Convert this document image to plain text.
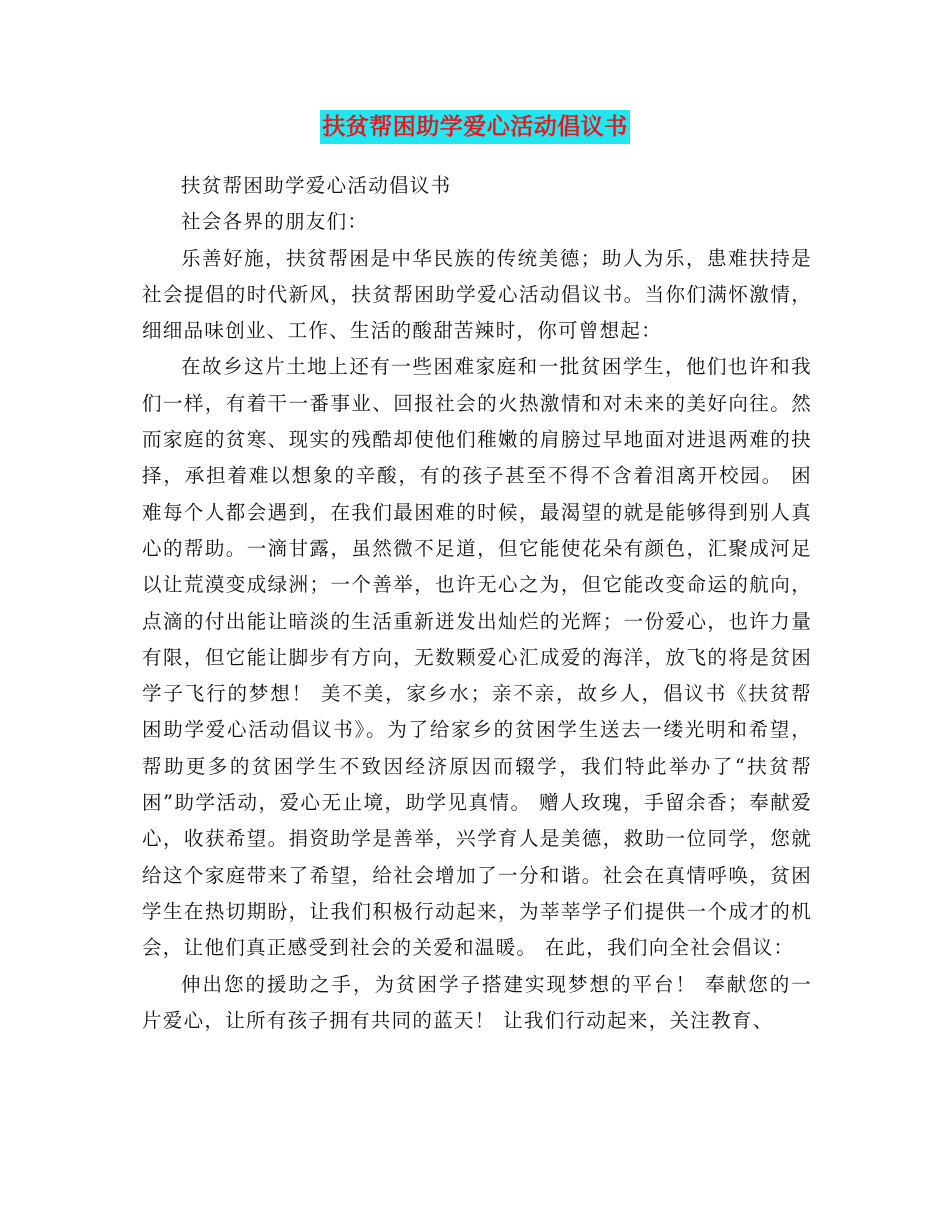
扶贫帮困助学爱心活动倡议书

扶贫帮困助学爱心活动倡议书

社会各界的朋友们：

乐善好施，扶贫帮困是中华民族的传统美德；助人为乐，患难扶持是社会提倡的时代新风，扶贫帮困助学爱心活动倡议书。当你们满怀激情，细细品味创业、工作、生活的酸甜苦辣时，你可曾想起：

在故乡这片土地上还有一些困难家庭和一批贫困学生，他们也许和我们一样，有着干一番事业、回报社会的火热激情和对未来的美好向往。然而家庭的贫寒、现实的残酷却使他们稚嫩的肩膀过早地面对进退两难的抉择，承担着难以想象的辛酸，有的孩子甚至不得不含着泪离开校园。 困难每个人都会遇到，在我们最困难的时候，最渴望的就是能够得到别人真心的帮助。一滴甘露，虽然微不足道，但它能使花朵有颜色，汇聚成河足以让荒漠变成绿洲；一个善举，也许无心之为，但它能改变命运的航向，点滴的付出能让暗淡的生活重新迸发出灿烂的光辉；一份爱心，也许力量有限，但它能让脚步有方向，无数颗爱心汇成爱的海洋，放飞的将是贫困学子飞行的梦想！ 美不美，家乡水；亲不亲，故乡人，倡议书《扶贫帮困助学爱心活动倡议书》。为了给家乡的贫困学生送去一缕光明和希望，帮助更多的贫困学生不致因经济原因而辍学，我们特此举办了“扶贫帮困”助学活动，爱心无止境，助学见真情。 赠人玫瑰，手留余香；奉献爱心，收获希望。捐资助学是善举，兴学育人是美德，救助一位同学，您就给这个家庭带来了希望，给社会增加了一分和谐。社会在真情呼唤，贫困学生在热切期盼，让我们积极行动起来，为莘莘学子们提供一个成才的机会，让他们真正感受到社会的关爱和温暖。 在此，我们向全社会倡议：

伸出您的援助之手，为贫困学子搭建实现梦想的平台！ 奉献您的一片爱心，让所有孩子拥有共同的蓝天！ 让我们行动起来，关注教育、
